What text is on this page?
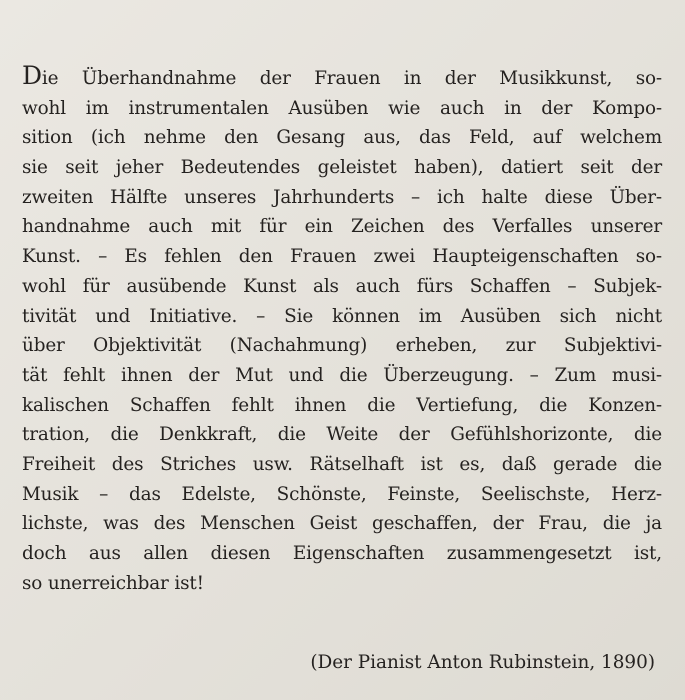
Die Überhandnahme der Frauen in der Musikkunst, so-
wohl im instrumentalen Ausüben wie auch in der Kompo-
sition (ich nehme den Gesang aus, das Feld, auf welchem
sie seit jeher Bedeutendes geleistet haben), datiert seit der
zweiten Hälfte unseres Jahrhunderts – ich halte diese Über-
handnahme auch mit für ein Zeichen des Verfalles unserer
Kunst. – Es fehlen den Frauen zwei Haupteigenschaften so-
wohl für ausübende Kunst als auch fürs Schaffen – Subjek-
tivität und Initiative. – Sie können im Ausüben sich nicht
über Objektivität (Nachahmung) erheben, zur Subjektivi-
tät fehlt ihnen der Mut und die Überzeugung. – Zum musi-
kalischen Schaffen fehlt ihnen die Vertiefung, die Konzen-
tration, die Denkkraft, die Weite der Gefühlshorizonte, die
Freiheit des Striches usw. Rätselhaft ist es, daß gerade die
Musik – das Edelste, Schönste, Feinste, Seelischste, Herz-
lichste, was des Menschen Geist geschaffen, der Frau, die ja
doch aus allen diesen Eigenschaften zusammengesetzt ist,
so unerreichbar ist!
(Der Pianist Anton Rubinstein, 1890)
